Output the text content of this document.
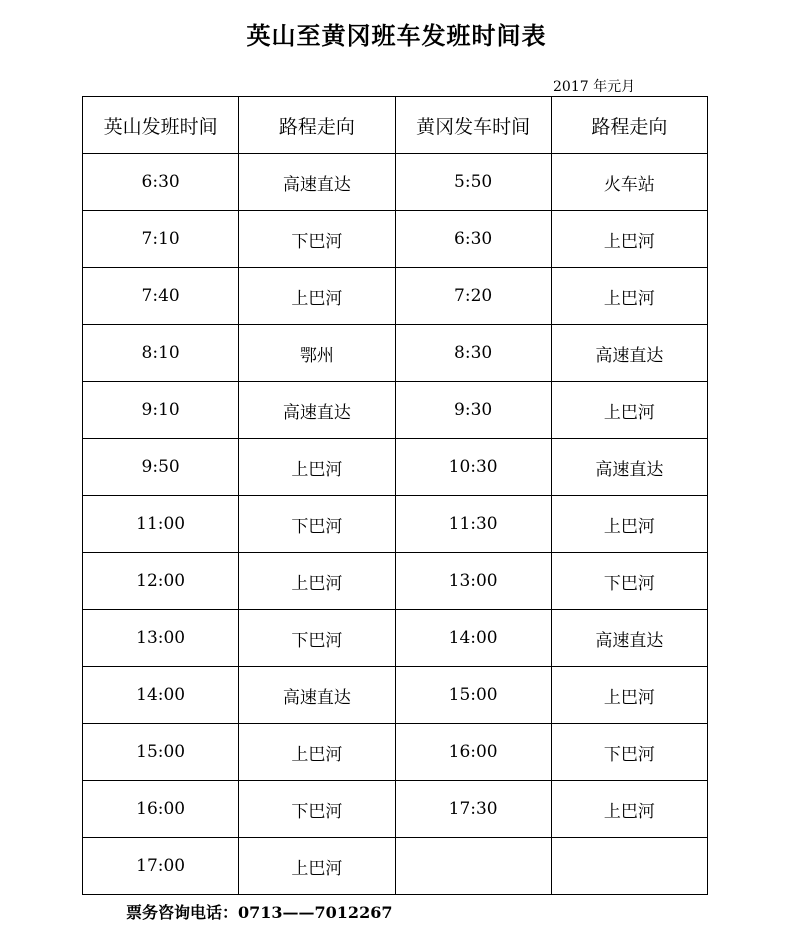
英山至黄冈班车发班时间表
2017 年元月
英山发班时间	路程走向	黄冈发车时间	路程走向
6:30	高速直达	5:50	火车站
7:10	下巴河	6:30	上巴河
7:40	上巴河	7:20	上巴河
8:10	鄂州	8:30	高速直达
9:10	高速直达	9:30	上巴河
9:50	上巴河	10:30	高速直达
11:00	下巴河	11:30	上巴河
12:00	上巴河	13:00	下巴河
13:00	下巴河	14:00	高速直达
14:00	高速直达	15:00	上巴河
15:00	上巴河	16:00	下巴河
16:00	下巴河	17:30	上巴河
17:00	上巴河		
票务咨询电话：0713——7012267
